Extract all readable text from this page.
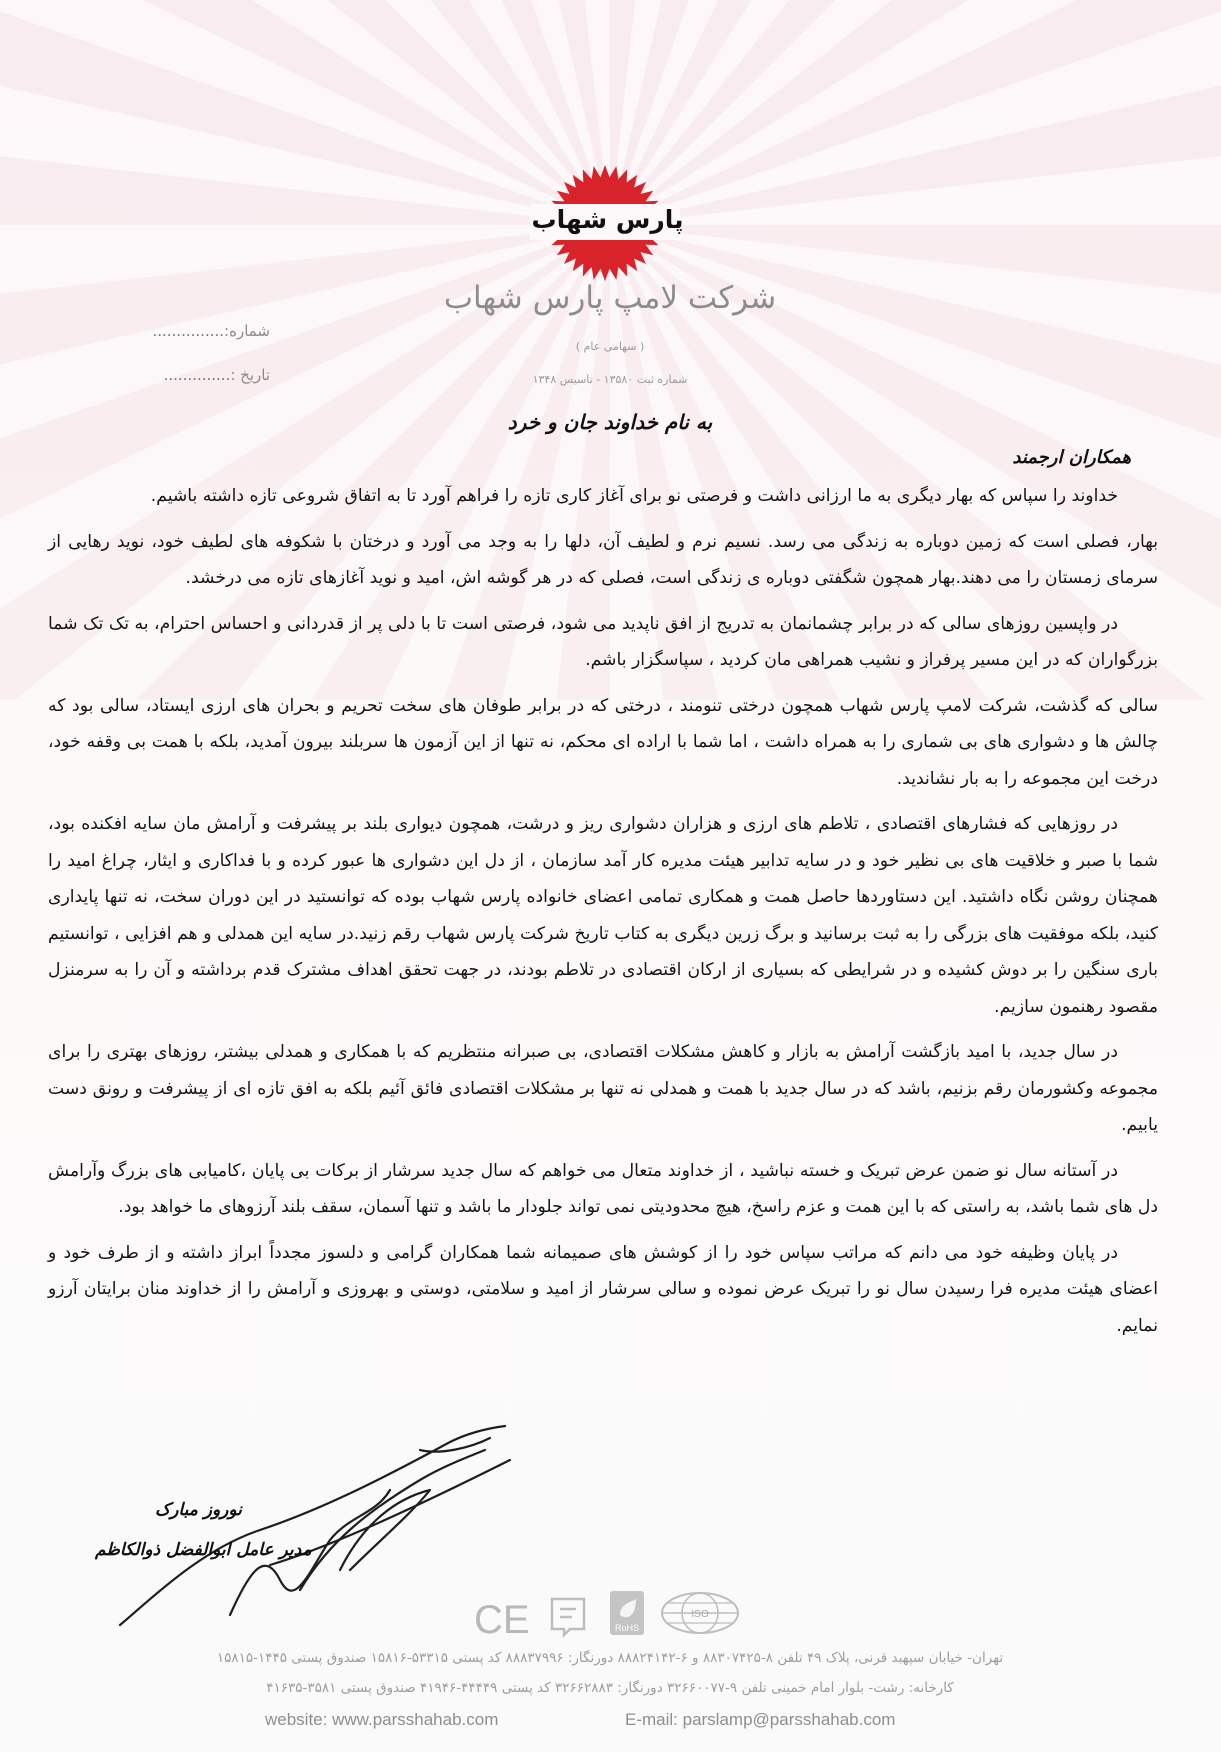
پارس شهاب
شرکت لامپ پارس شهاب
( سهامی عام )
شماره ثبت ۱۳۵۸۰ - تاسیس ۱۳۴۸
شماره:...............
تاریخ :..............
به نام خداوند جان و خرد
همکاران ارجمند

خداوند را سپاس که بهار دیگری به ما ارزانی داشت و فرصتی نو برای آغاز کاری تازه را فراهم آورد تا به اتفاق شروعی تازه داشته باشیم.

بهار، فصلی است که زمین دوباره به زندگی می رسد. نسیم نرم و لطیف آن، دلها را به وجد می آورد و درختان با شکوفه های لطیف خود، نوید رهایی از سرمای زمستان را می دهند.بهار همچون شگفتی دوباره ی زندگی است، فصلی که در هر گوشه اش، امید و نوید آغازهای تازه می درخشد.

در واپسین روزهای سالی که در برابر چشمانمان به تدریج از افق ناپدید می شود، فرصتی است تا با دلی پر از قدردانی و احساس احترام، به تک تک شما بزرگواران که در این مسیر پرفراز و نشیب همراهی مان کردید ، سپاسگزار باشم.

سالی که گذشت، شرکت لامپ پارس شهاب همچون درختی تنومند ، درختی که در برابر طوفان های سخت تحریم و بحران های ارزی ایستاد، سالی بود که چالش ها و دشواری های بی شماری را به همراه داشت ، اما شما با اراده ای محکم، نه تنها از این آزمون ها سربلند بیرون آمدید، بلکه با همت بی وقفه خود، درخت این مجموعه را به بار نشاندید.

در روزهایی که فشارهای اقتصادی ، تلاطم های ارزی و هزاران دشواری ریز و درشت، همچون دیواری بلند بر پیشرفت و آرامش مان سایه افکنده بود، شما با صبر و خلاقیت های بی نظیر خود و در سایه تدابیر هیئت مدیره کار آمد سازمان ، از دل این دشواری ها عبور کرده و با فداکاری و ایثار، چراغ امید را همچنان روشن نگاه داشتید. این دستاوردها حاصل همت و همکاری تمامی اعضای خانواده پارس شهاب بوده که توانستید در این دوران سخت، نه تنها پایداری کنید، بلکه موفقیت های بزرگی را به ثبت برسانید و برگ زرین دیگری به کتاب تاریخ شرکت پارس شهاب رقم زنید.در سایه این همدلی و هم افزایی ، توانستیم باری سنگین را بر دوش کشیده و در شرایطی که بسیاری از ارکان اقتصادی در تلاطم بودند، در جهت تحقق اهداف مشترک قدم برداشته و آن را به سرمنزل مقصود رهنمون سازیم.

در سال جدید، با امید بازگشت آرامش به بازار و کاهش مشکلات اقتصادی، بی صبرانه منتظریم که با همکاری و همدلی بیشتر، روزهای بهتری را برای مجموعه وکشورمان رقم بزنیم، باشد که در سال جدید با همت و همدلی نه تنها بر مشکلات اقتصادی فائق آئیم بلکه به افق تازه ای از پیشرفت و رونق دست یابیم.

در آستانه سال نو ضمن عرض تبریک و خسته نباشید ، از خداوند متعال می خواهم که سال جدید سرشار از برکات بی پایان ،کامیابی های بزرگ وآرامش دل های شما باشد، به راستی که با این همت و عزم راسخ، هیچ محدودیتی نمی تواند جلودار ما باشد و تنها آسمان، سقف بلند آرزوهای ما خواهد بود.

در پایان وظیفه خود می دانم که مراتب سپاس خود را از کوشش های صمیمانه شما همکاران گرامی و دلسوز مجدداً ابراز داشته و از طرف خود و اعضای هیئت مدیره فرا رسیدن سال نو را تبریک عرض نموده و سالی سرشار از امید و سلامتی، دوستی و بهروزی و آرامش را از خداوند منان برایتان آرزو نمایم.

نوروز مبارک
مدیر عامل ابوالفضل ذوالکاظم
CE	RoHS
ISO
تهران- خیابان سپهبد قرنی، پلاک ۴۹ تلفن ۸-۸۸۳۰۷۴۲۵ و ۶-۸۸۸۲۴۱۴۲ دورنگار: ۸۸۸۳۷۹۹۶ کد پستی ۵۳۳۱۵-۱۵۸۱۶ صندوق پستی ۱۴۴۵-۱۵۸۱۵
کارخانه: رشت- بلوار امام خمینی تلفن ۹-۳۲۶۶۰۰۷۷ دورنگار: ۳۲۶۶۲۸۸۳ کد پستی ۴۴۴۴۹-۴۱۹۴۶ صندوق پستی ۳۵۸۱-۴۱۶۳۵
website: www.parsshahab.com	E-mail: parslamp@parsshahab.com
